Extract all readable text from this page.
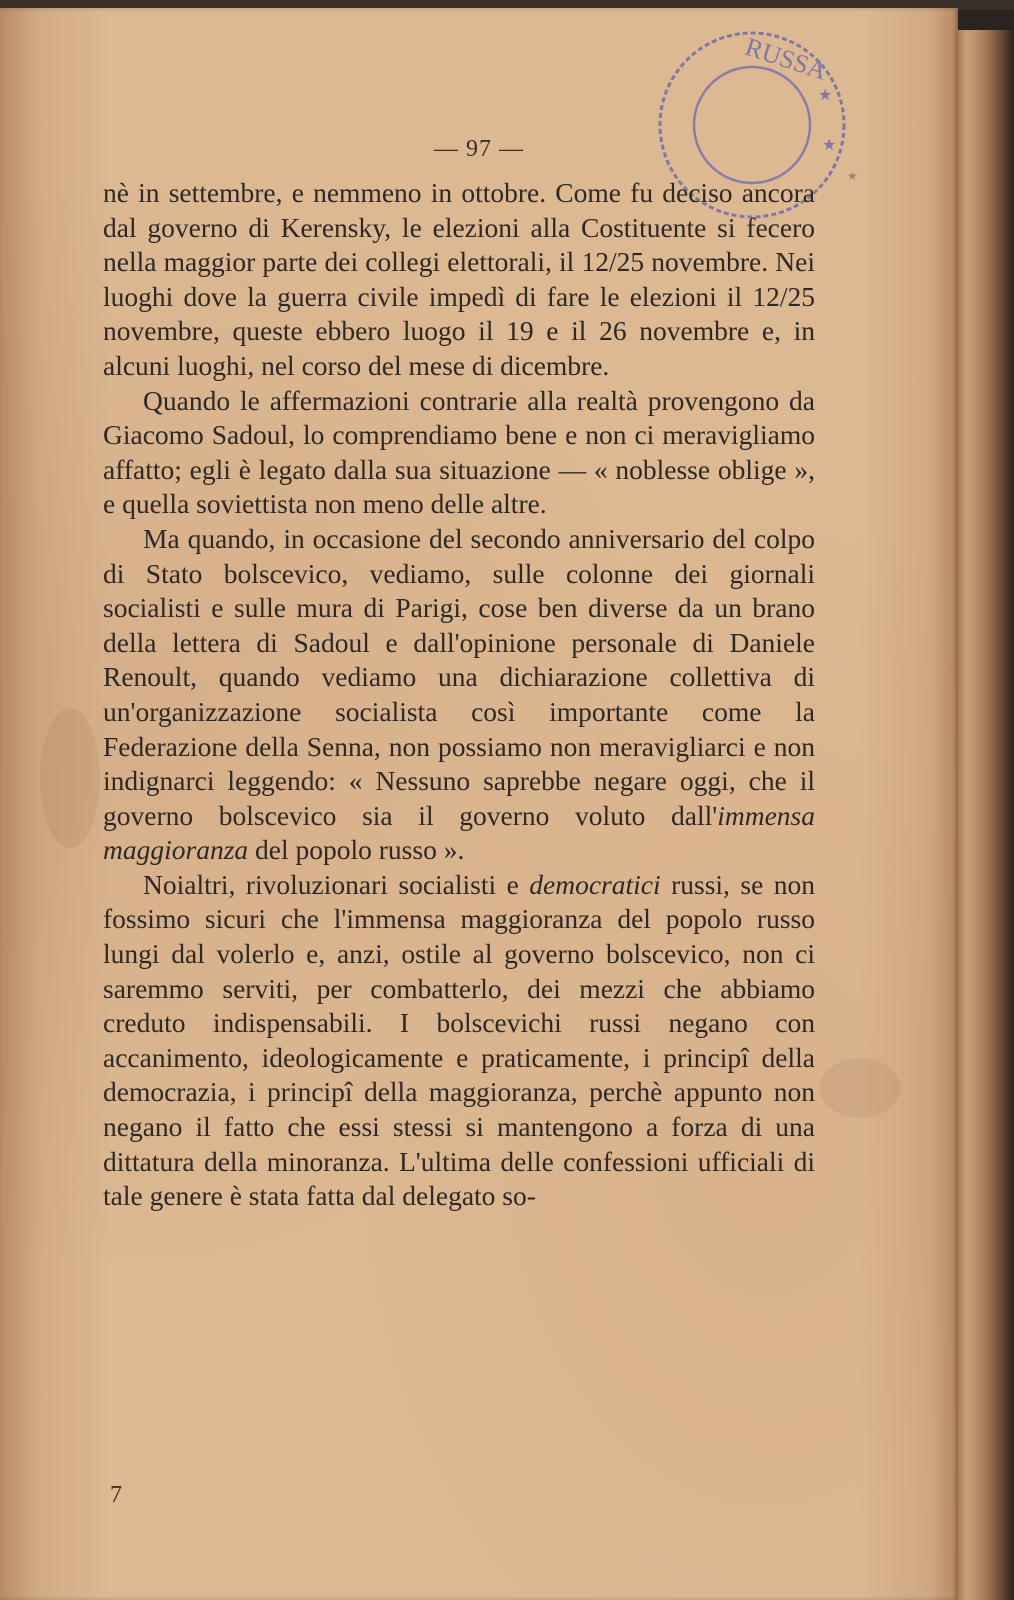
RUSSA
★
★
★
— 97 —

nè in settembre, e nemmeno in ottobre. Come fu deciso ancora dal governo di Kerensky, le elezioni alla Costituente si fecero nella maggior parte dei collegi elettorali, il 12/25 novembre. Nei luoghi dove la guerra civile impedì di fare le elezioni il 12/25 novembre, queste ebbero luogo il 19 e il 26 novembre e, in alcuni luoghi, nel corso del mese di dicembre.

Quando le affermazioni contrarie alla realtà provengono da Giacomo Sadoul, lo comprendiamo bene e non ci meravigliamo affatto; egli è legato dalla sua situazione — « noblesse oblige », e quella soviettista non meno delle altre.

Ma quando, in occasione del secondo anniversario del colpo di Stato bolscevico, vediamo, sulle colonne dei giornali socialisti e sulle mura di Parigi, cose ben diverse da un brano della lettera di Sadoul e dall'opinione personale di Daniele Renoult, quando vediamo una dichiarazione collettiva di un'organizzazione socialista così importante come la Federazione della Senna, non possiamo non meravigliarci e non indignarci leggendo: « Nessuno saprebbe negare oggi, che il governo bolscevico sia il governo voluto dall'immensa maggioranza del popolo russo ».

Noialtri, rivoluzionari socialisti e democratici russi, se non fossimo sicuri che l'immensa maggioranza del popolo russo lungi dal volerlo e, anzi, ostile al governo bolscevico, non ci saremmo serviti, per combatterlo, dei mezzi che abbiamo creduto indispensabili. I bolscevichi russi negano con accanimento, ideologicamente e praticamente, i principî della democrazia, i principî della maggioranza, perchè appunto non negano il fatto che essi stessi si mantengono a forza di una dittatura della minoranza. L'ultima delle confessioni ufficiali di tale genere è stata fatta dal delegato so-

7
